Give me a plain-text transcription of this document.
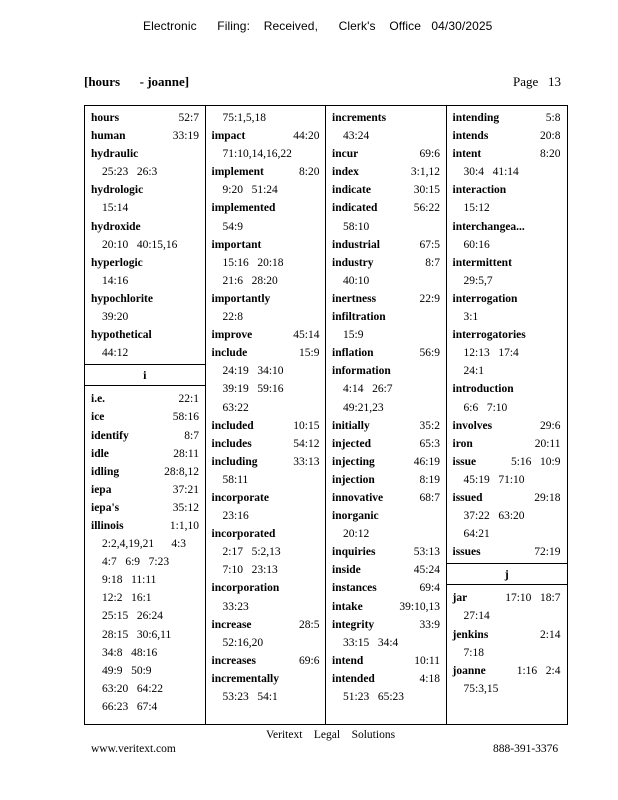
Electronic      Filing:    Received,      Clerk's    Office   04/30/2025
[hours      - joanne]	Page   13
hours	52:7
human	33:19
hydraulic
25:23   26:3
hydrologic
15:14
hydroxide
20:10   40:15,16
hyperlogic
14:16
hypochlorite
39:20
hypothetical
44:12
i
i.e.	22:1
ice	58:16
identify	8:7
idle	28:11
idling	28:8,12
iepa	37:21
iepa's	35:12
illinois	1:1,10
2:2,4,19,21      4:3
4:7   6:9   7:23
9:18   11:11
12:2   16:1
25:15   26:24
28:15   30:6,11
34:8   48:16
49:9   50:9
63:20   64:22
66:23   67:4
75:1,5,18
impact	44:20
71:10,14,16,22
implement	8:20
9:20   51:24
implemented
54:9
important
15:16   20:18
21:6   28:20
importantly
22:8
improve	45:14
include	15:9
24:19   34:10
39:19   59:16
63:22
included	10:15
includes	54:12
including	33:13
58:11
incorporate
23:16
incorporated
2:17   5:2,13
7:10   23:13
incorporation
33:23
increase	28:5
52:16,20
increases	69:6
incrementally
53:23   54:1
increments
43:24
incur	69:6
index	3:1,12
indicate	30:15
indicated	56:22
58:10
industrial	67:5
industry	8:7
40:10
inertness	22:9
infiltration
15:9
inflation	56:9
information
4:14   26:7
49:21,23
initially	35:2
injected	65:3
injecting	46:19
injection	8:19
innovative	68:7
inorganic
20:12
inquiries	53:13
inside	45:24
instances	69:4
intake	39:10,13
integrity	33:9
33:15   34:4
intend	10:11
intended	4:18
51:23   65:23
intending	5:8
intends	20:8
intent	8:20
30:4   41:14
interaction
15:12
interchangea...
60:16
intermittent
29:5,7
interrogation
3:1
interrogatories
12:13   17:4
24:1
introduction
6:6   7:10
involves	29:6
iron	20:11
issue	5:16   10:9
45:19   71:10
issued	29:18
37:22   63:20
64:21
issues	72:19
j
jar	17:10   18:7
27:14
jenkins	2:14
7:18
joanne	1:16   2:4
75:3,15
Veritext    Legal    Solutions
www.veritext.com	888-391-3376
